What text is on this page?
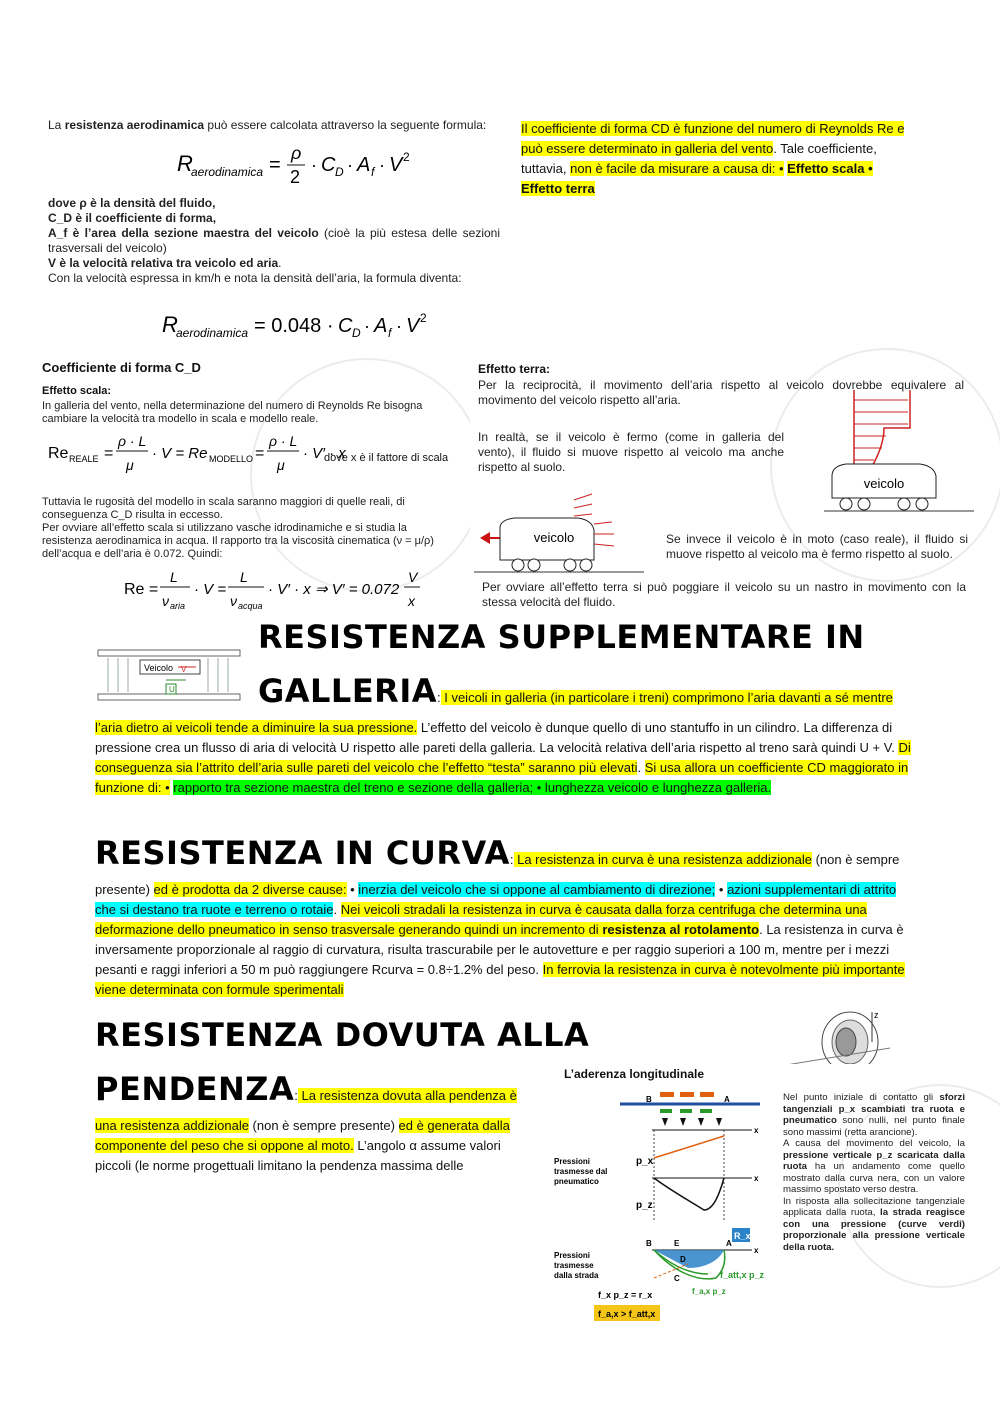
La resistenza aerodinamica può essere calcolata attraverso la seguente formula:
R
aerodinamica =
ρ
2
· C D · A f · V 2
dove ρ è la densità del fluido,
C_D è il coefficiente di forma,
A_f è l’area della sezione maestra del veicolo (cioè la più estesa delle sezioni trasversali del veicolo)
V è la velocità relativa tra veicolo ed aria.
Con la velocità espressa in km/h e nota la densità dell’aria, la formula diventa:
R
aerodinamica = 0.048 · C D · A f · V 2
Il coefficiente di forma CD è funzione del numero di Reynolds Re e può essere determinato in galleria del vento. Tale coefficiente, tuttavia, non è facile da misurare a causa di: • Effetto scala • Effetto terra
Coefficiente di forma C_D
Effetto scala:
In galleria del vento, nella determinazione del numero di Reynolds Re bisogna cambiare la velocità tra modello in scala e modello reale.
Re REALE =
ρ · L
μ
· V = Re MODELLO =
ρ · L
μ
· V′ · x
dove x è il fattore di scala
Tuttavia le rugosità del modello in scala saranno maggiori di quelle reali, di conseguenza C_D risulta in eccesso.
Per ovviare all’effetto scala si utilizzano vasche idrodinamiche e si studia la resistenza aerodinamica in acqua. Il rapporto tra la viscosità cinematica (ν = μ/ρ) dell’acqua e dell’aria è 0.072. Quindi:
Re =
L
ν aria
· V =
L
ν acqua
· V′ · x ⇒ V′ = 0.072
V
x
Effetto terra:
Per la reciprocità, il movimento dell’aria rispetto al veicolo dovrebbe equivalere al movimento del veicolo rispetto all’aria.
In realtà, se il veicolo è fermo (come in galleria del vento), il fluido si muove rispetto al veicolo ma anche rispetto al suolo.
veicolo
veicolo	Se invece il veicolo è in moto (caso reale), il fluido si muove rispetto al veicolo ma è fermo rispetto al suolo.
Per ovviare all’effetto terra si può poggiare il veicolo su un nastro in movimento con la stessa velocità del fluido.
Veicolo V
U
RESISTENZA SUPPLEMENTARE IN
GALLERIA: I veicoli in galleria (in particolare i treni) comprimono l’aria davanti a sé mentre l’aria dietro ai veicoli tende a diminuire la sua pressione. L’effetto del veicolo è dunque quello di uno stantuffo in un cilindro. La differenza di pressione crea un flusso di aria di velocità U rispetto alle pareti della galleria. La velocità relativa dell’aria rispetto al treno sarà quindi U + V. Di conseguenza sia l’attrito dell’aria sulle pareti del veicolo che l’effetto “testa” saranno più elevati. Si usa allora un coefficiente CD maggiorato in funzione di: • rapporto tra sezione maestra del treno e sezione della galleria; • lunghezza veicolo e lunghezza galleria.
RESISTENZA IN CURVA: La resistenza in curva è una resistenza addizionale (non è sempre presente) ed è prodotta da 2 diverse cause: • inerzia del veicolo che si oppone al cambiamento di direzione; • azioni supplementari di attrito che si destano tra ruote e terreno o rotaie. Nei veicoli stradali la resistenza in curva è causata dalla forza centrifuga che determina una deformazione dello pneumatico in senso trasversale generando quindi un incremento di resistenza al rotolamento. La resistenza in curva è inversamente proporzionale al raggio di curvatura, risulta trascurabile per le autovetture e per raggio superiori a 100 m, mentre per i mezzi pesanti e raggi inferiori a 50 m può raggiungere Rcurva = 0.8÷1.2% del peso. In ferrovia la resistenza in curva è notevolmente più importante viene determinata con formule sperimentali
RESISTENZA DOVUTA ALLA
PENDENZA: La resistenza dovuta alla pendenza è una resistenza addizionale (non è sempre presente) ed è generata dalla componente del peso che si oppone al moto. L’angolo α assume valori piccoli (le norme progettuali limitano la pendenza massima delle
z
L’aderenza longitudinale
B	A
x
p_x
x
p_z
Pressioni trasmesse dal pneumatico
R_x
x
B	E	A
D
C	f_att,x p_z
f_a,x p_z
Pressioni trasmesse dalla strada
f_x p_z = r_x
f_a,x > f_att,x
Nel punto iniziale di contatto gli sforzi tangenziali p_x scambiati tra ruota e pneumatico sono nulli, nel punto finale sono massimi (retta arancione).
A causa del movimento del veicolo, la pressione verticale p_z scaricata dalla ruota ha un andamento come quello mostrato dalla curva nera, con un valore massimo spostato verso destra.
In risposta alla sollecitazione tangenziale applicata dalla ruota, la strada reagisce con una pressione (curve verdi) proporzionale alla pressione verticale della ruota.
